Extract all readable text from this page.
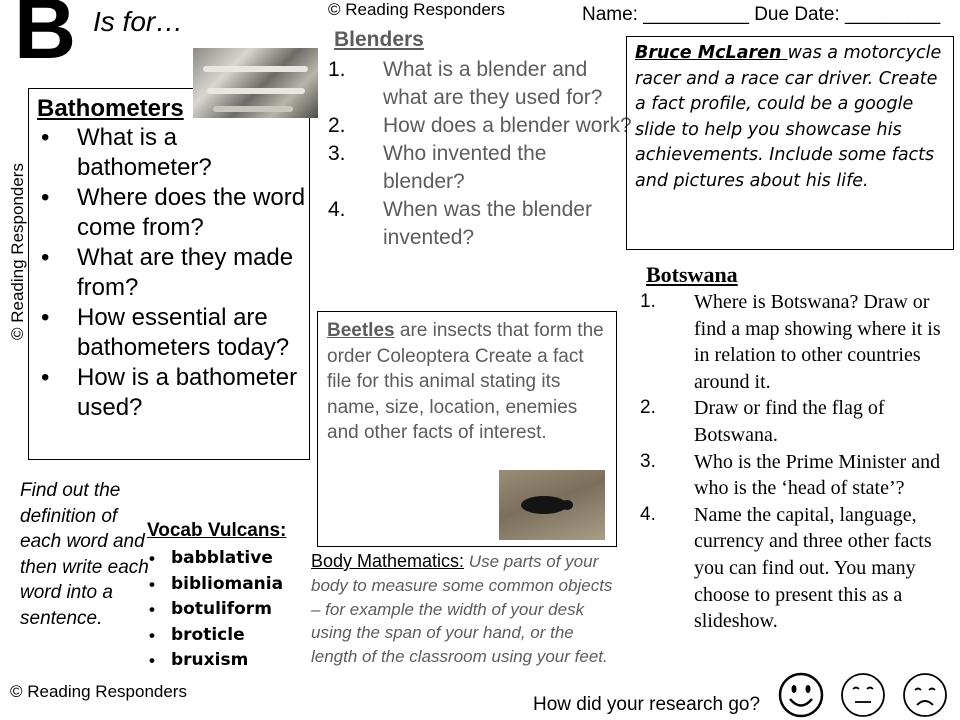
B Is for…	© Reading Responders	Name: __________ Due Date: _________
© Reading Responders
Bathometers
• What is a bathometer?
• Where does the word come from?
• What are they made from?
• How essential are bathometers today?
• How is a bathometer used?
Blenders
1. What is a blender and what are they used for?
2. How does a blender work?
3. Who invented the blender?
4. When was the blender invented?
Bruce McLaren was a motorcycle racer and a race car driver. Create a fact profile, could be a google slide to help you showcase his achievements. Include some facts and pictures about his life.
Botswana
1. Where is Botswana? Draw or find a map showing where it is in relation to other countries around it.
2. Draw or find the flag of Botswana.
3. Who is the Prime Minister and who is the ‘head of state’?
4. Name the capital, language, currency and three other facts you can find out. You many choose to present this as a slideshow.
Beetles are insects that form the order Coleoptera Create a fact file for this animal stating its name, size, location, enemies and other facts of interest.
Find out the definition of each word and then write each word into a sentence.
Vocab Vulcans:
• babblative
• bibliomania
• botuliform
• broticle
• bruxism
Body Mathematics: Use parts of your body to measure some common objects – for example the width of your desk using the span of your hand, or the length of the classroom using your feet.
© Reading Responders
How did your research go?
